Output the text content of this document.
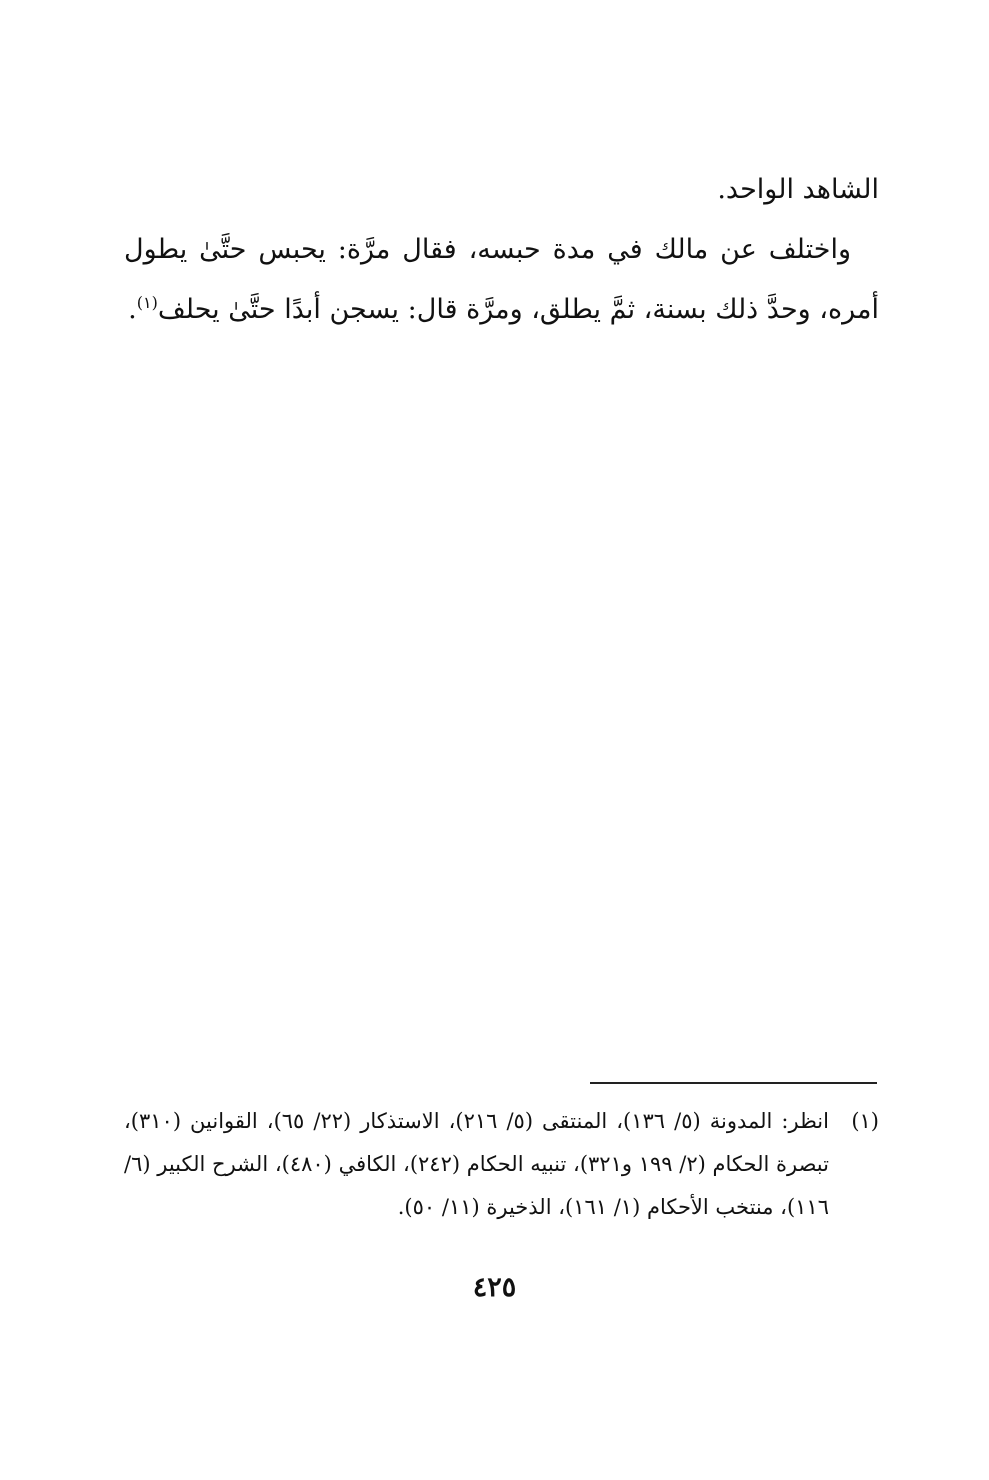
الشاهد الواحد.

واختلف عن مالك في مدة حبسه، فقال مرَّة: يحبس حتَّىٰ يطول أمره، وحدَّ ذلك بسنة، ثمَّ يطلق، ومرَّة قال: يسجن أبدًا حتَّىٰ يحلف$^{(١)}$.

(١)
انظر: المدونة (٥/ ١٣٦)، المنتقى (٥/ ٢١٦)، الاستذكار (٢٢/ ٦٥)، القوانين (٣١٠)، تبصرة الحكام (٢/ ١٩٩ و٣٢١)، تنبيه الحكام (٢٤٢)، الكافي (٤٨٠)، الشرح الكبير (٦/ ١١٦)، منتخب الأحكام (١/ ١٦١)، الذخيرة (١١/ ٥٠).
٤٢٥
